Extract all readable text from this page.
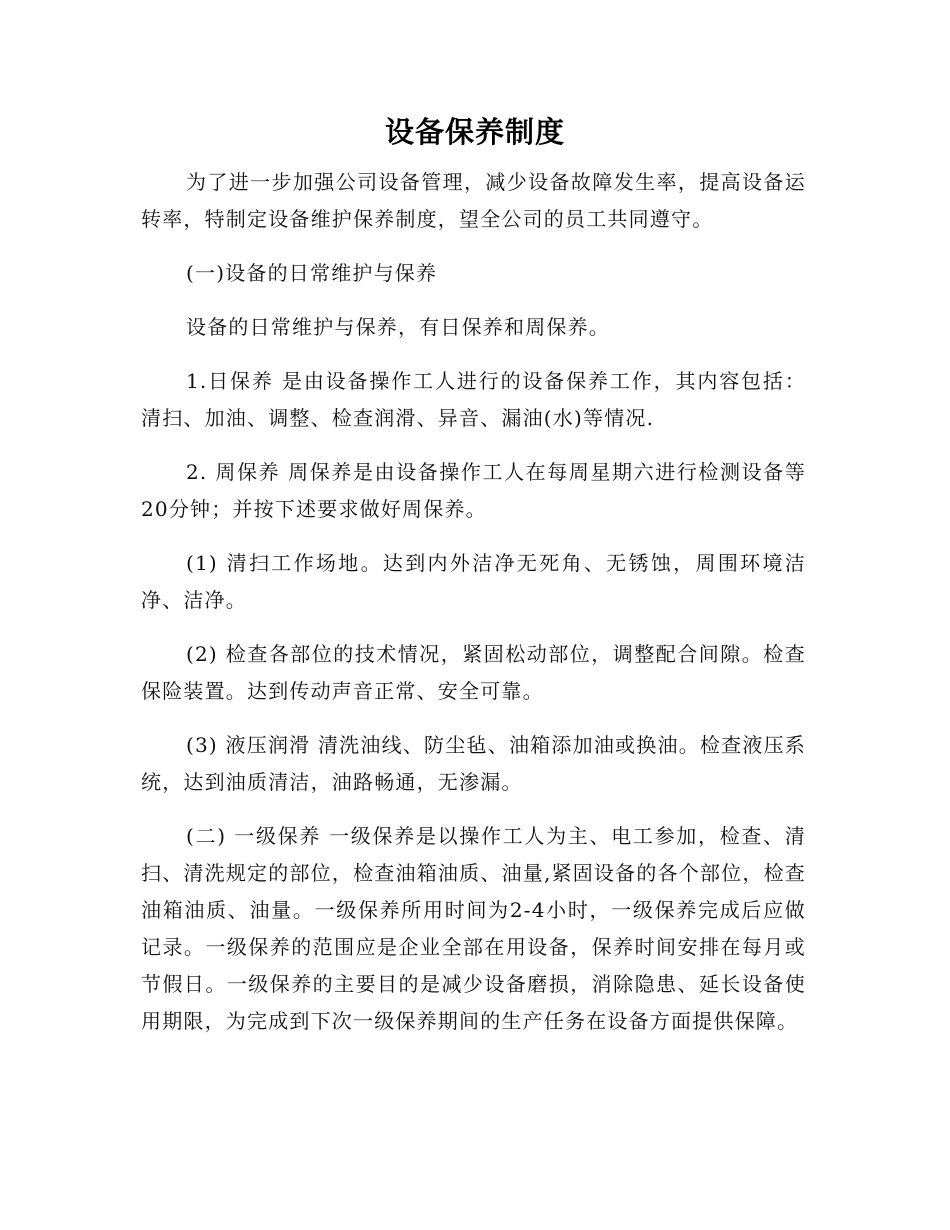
设备保养制度

为了进一步加强公司设备管理，减少设备故障发生率，提高设备运转率，特制定设备维护保养制度，望全公司的员工共同遵守。

(一)设备的日常维护与保养

设备的日常维护与保养，有日保养和周保养。

1.日保养 是由设备操作工人进行的设备保养工作，其内容包括：清扫、加油、调整、检查润滑、异音、漏油(水)等情况.

2. 周保养 周保养是由设备操作工人在每周星期六进行检测设备等20分钟；并按下述要求做好周保养。

(1) 清扫工作场地。达到内外洁净无死角、无锈蚀，周围环境洁净、洁净。

(2) 检查各部位的技术情况，紧固松动部位，调整配合间隙。检查保险装置。达到传动声音正常、安全可靠。

(3) 液压润滑 清洗油线、防尘毡、油箱添加油或换油。检查液压系统，达到油质清洁，油路畅通，无渗漏。

(二) 一级保养 一级保养是以操作工人为主、电工参加，检查、清扫、清洗规定的部位，检查油箱油质、油量,紧固设备的各个部位，检查油箱油质、油量。一级保养所用时间为2-4小时，一级保养完成后应做记录。一级保养的范围应是企业全部在用设备，保养时间安排在每月或节假日。一级保养的主要目的是减少设备磨损，消除隐患、延长设备使用期限，为完成到下次一级保养期间的生产任务在设备方面提供保障。
